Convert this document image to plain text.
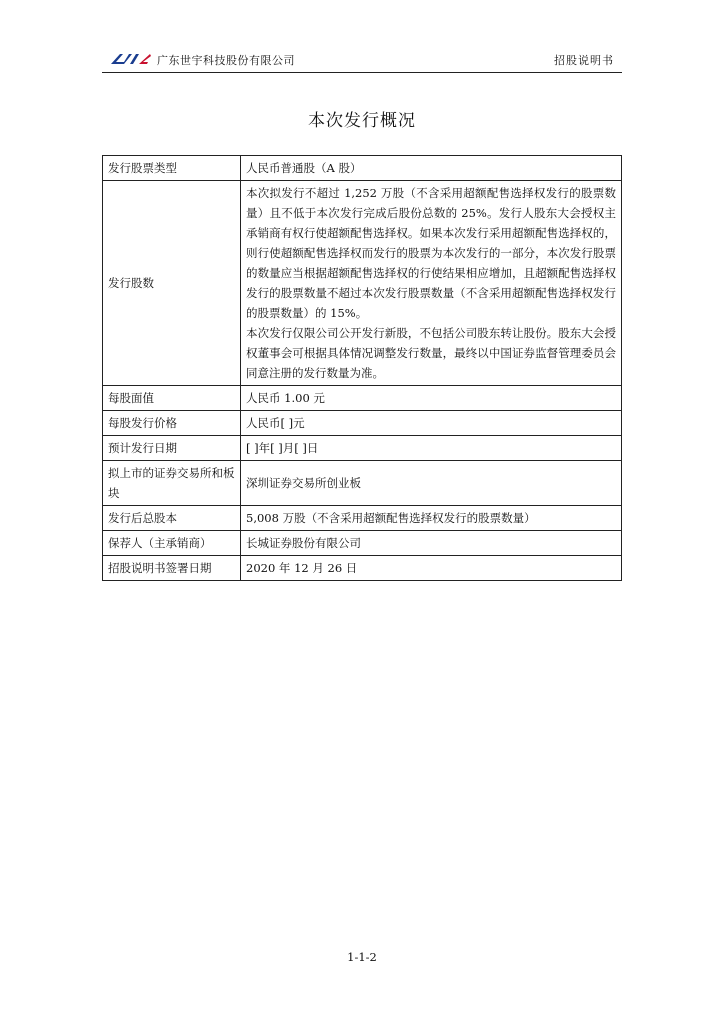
广东世宇科技股份有限公司	招股说明书
本次发行概况
发行股票类型	人民币普通股（A 股）

发行股数	本次拟发行不超过 1,252 万股（不含采用超额配售选择权发行的股票数量）且不低于本次发行完成后股份总数的 25%。发行人股东大会授权主承销商有权行使超额配售选择权。如果本次发行采用超额配售选择权的，则行使超额配售选择权而发行的股票为本次发行的一部分，本次发行股票的数量应当根据超额配售选择权的行使结果相应增加，且超额配售选择权发行的股票数量不超过本次发行股票数量（不含采用超额配售选择权发行的股票数量）的 15%。
本次发行仅限公司公开发行新股，不包括公司股东转让股份。股东大会授权董事会可根据具体情况调整发行数量，最终以中国证券监督管理委员会同意注册的发行数量为准。

每股面值	人民币 1.00 元

每股发行价格	人民币[ ]元

预计发行日期	[ ]年[ ]月[ ]日

拟上市的证券交易所和板块	深圳证券交易所创业板

发行后总股本	5,008 万股（不含采用超额配售选择权发行的股票数量）

保荐人（主承销商）	长城证券股份有限公司

招股说明书签署日期	2020 年 12 月 26 日
1-1-2
